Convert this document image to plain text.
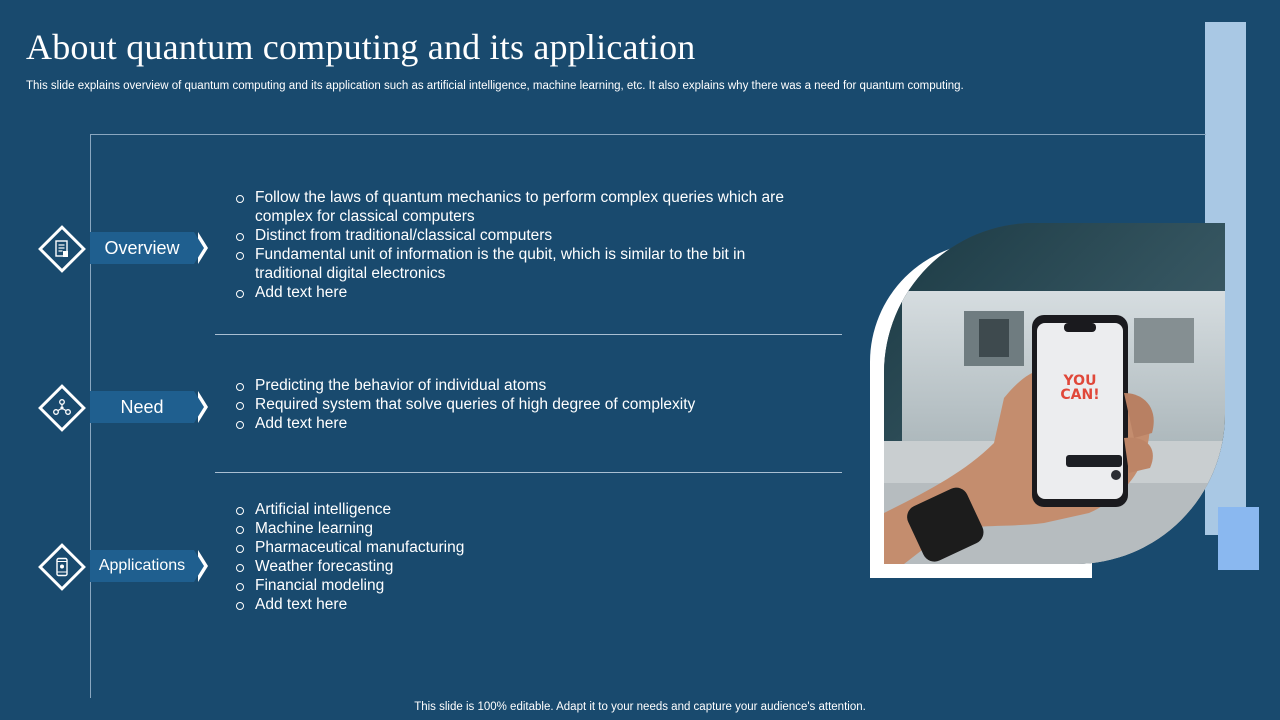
About quantum computing and its application

This slide explains overview of quantum computing and its application such as artificial intelligence, machine learning, etc. It also explains why there was a need for quantum computing.

Overview
Follow the laws of quantum mechanics to perform complex queries which are complex for classical computers
Distinct from traditional/classical computers
Fundamental unit of information is the qubit, which is similar to the bit in traditional digital electronics
Add text here
Need
Predicting the behavior of individual atoms
Required system that solve queries of high degree of complexity
Add text here
Applications
Artificial intelligence
Machine learning
Pharmaceutical manufacturing
Weather forecasting
Financial modeling
Add text here
YOU
CAN!

This slide is 100% editable. Adapt it to your needs and capture your audience's attention.
